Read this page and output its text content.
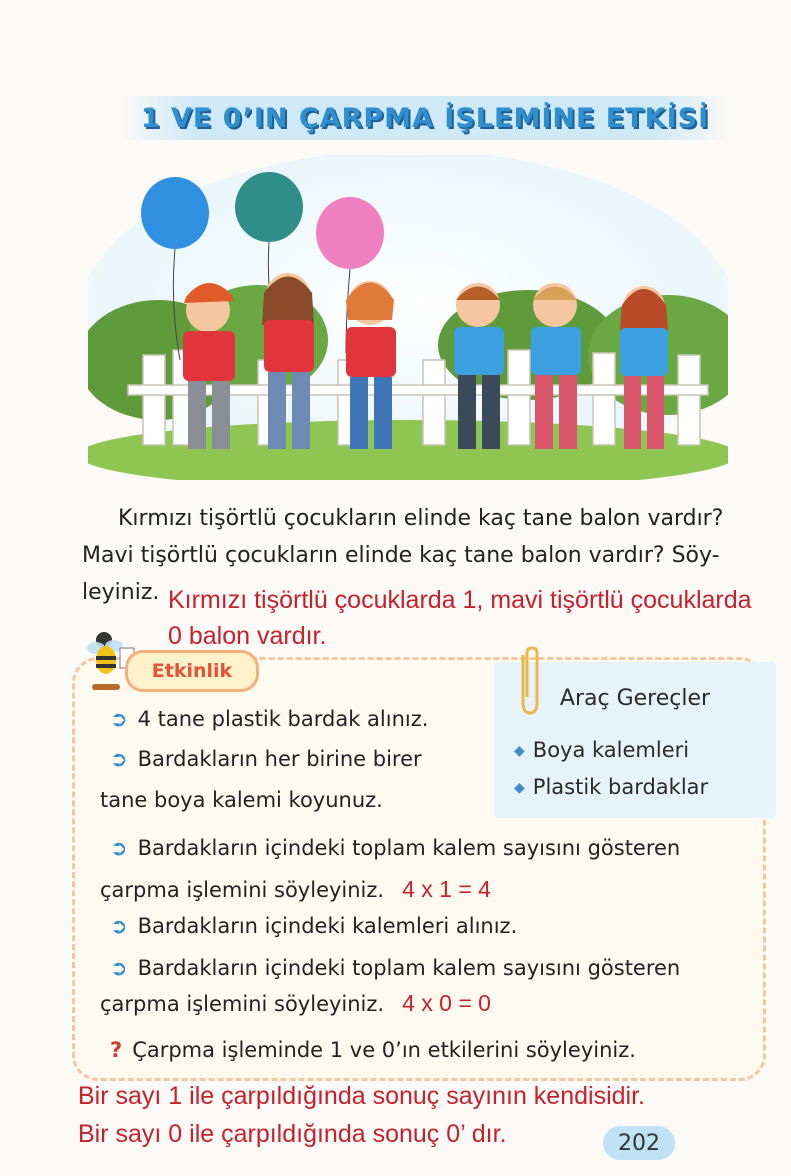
1 VE 0’IN ÇARPMA İŞLEMİNE ETKİSİ
Kırmızı tişörtlü çocukların elinde kaç tane balon vardır?
Mavi tişörtlü çocukların elinde kaç tane balon vardır? Söy-
leyiniz. Kırmızı tişörtlü çocuklarda 1, mavi tişörtlü çocuklarda 0 balon vardır.
Etkinlik
Araç Gereçler
◆ Boya kalemleri
◆ Plastik bardaklar
➲ 4 tane plastik bardak alınız.
➲ Bardakların her birine birer
tane boya kalemi koyunuz.
➲ Bardakların içindeki toplam kalem sayısını gösteren
çarpma işlemini söyleyiniz. 4 x 1 = 4
➲ Bardakların içindeki kalemleri alınız.
➲ Bardakların içindeki toplam kalem sayısını gösteren
çarpma işlemini söyleyiniz. 4 x 0 = 0
? Çarpma işleminde 1 ve 0’ın etkilerini söyleyiniz.
Bir sayı 1 ile çarpıldığında sonuç sayının kendisidir.
Bir sayı 0 ile çarpıldığında sonuç 0’ dır.	202
